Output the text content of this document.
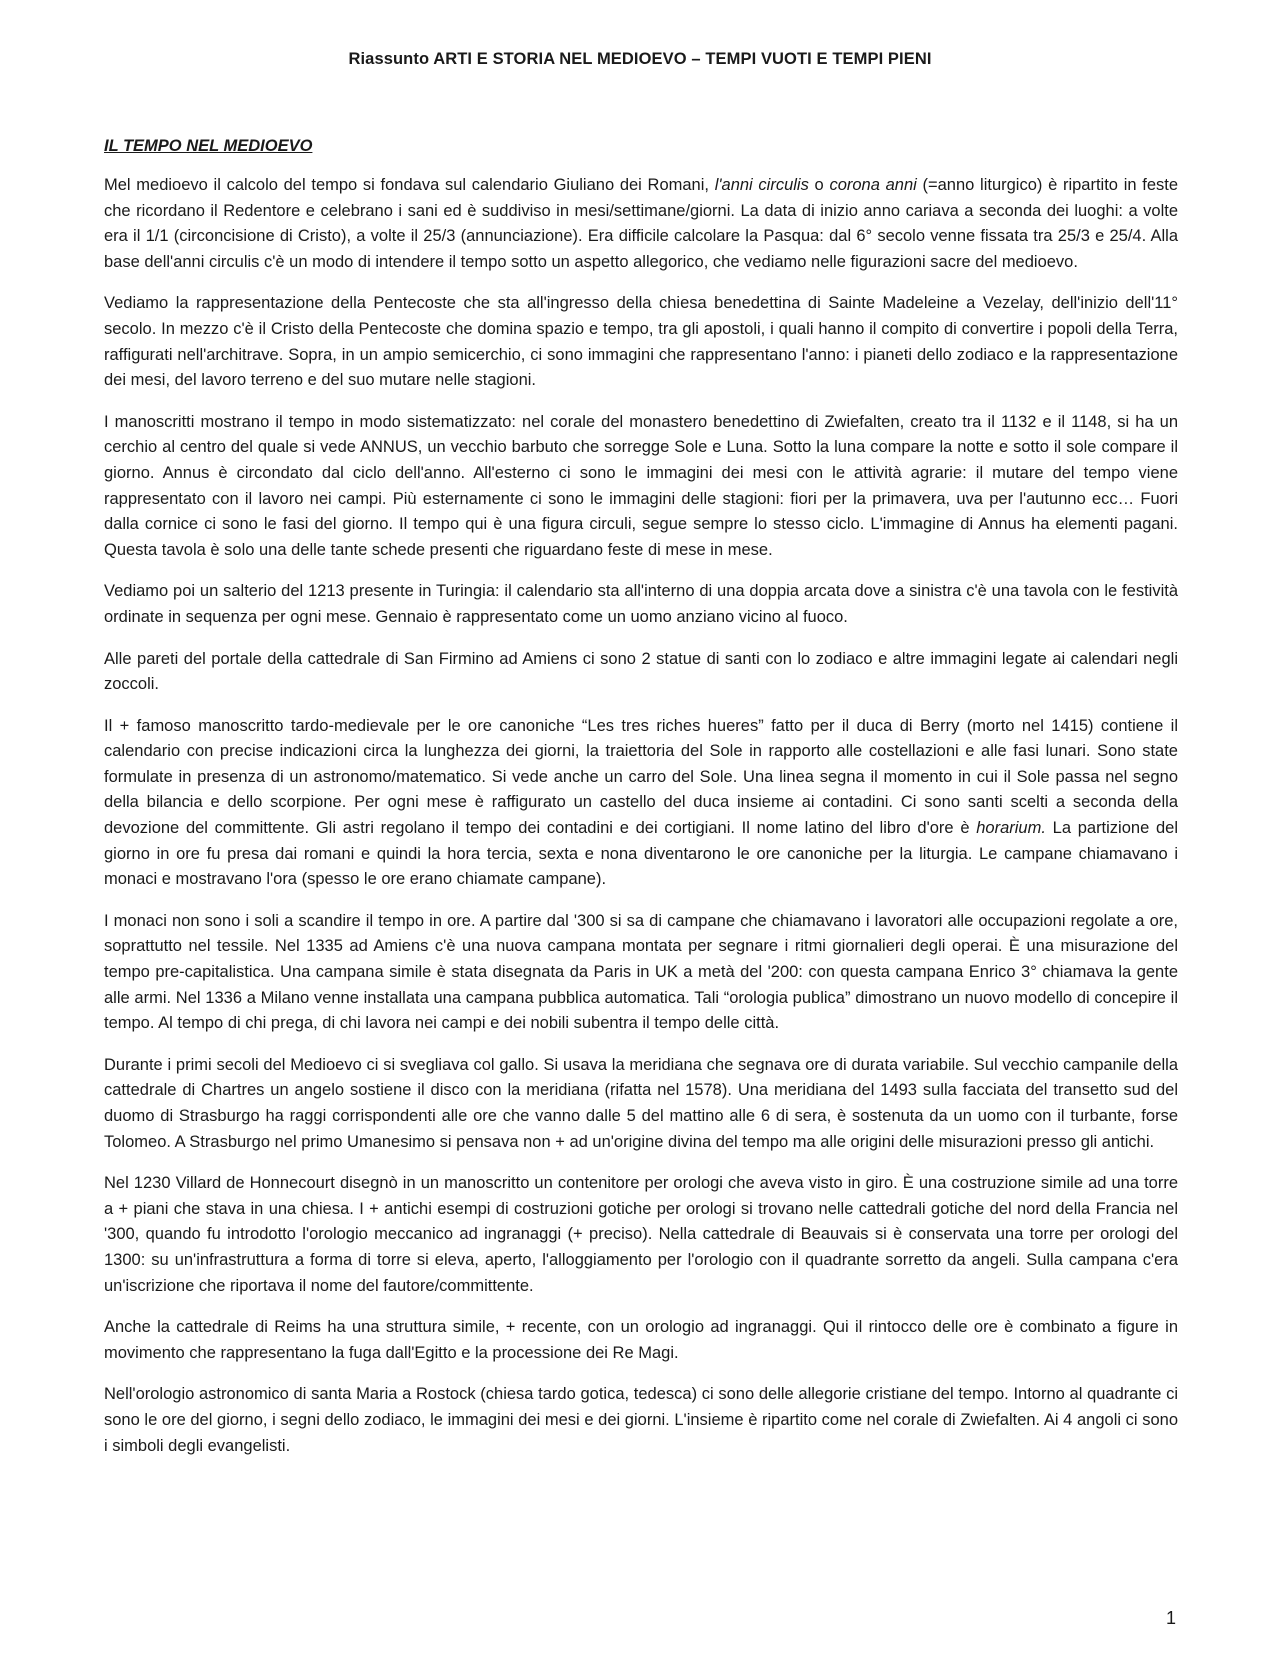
Riassunto ARTI E STORIA NEL MEDIOEVO – TEMPI VUOTI E TEMPI PIENI
IL TEMPO NEL MEDIOEVO

Mel medioevo il calcolo del tempo si fondava sul calendario Giuliano dei Romani, l'anni circulis o corona anni (=anno liturgico) è ripartito in feste che ricordano il Redentore e celebrano i sani ed è suddiviso in mesi/settimane/giorni. La data di inizio anno cariava a seconda dei luoghi: a volte era il 1/1 (circoncisione di Cristo), a volte il 25/3 (annunciazione). Era difficile calcolare la Pasqua: dal 6° secolo venne fissata tra 25/3 e 25/4. Alla base dell'anni circulis c'è un modo di intendere il tempo sotto un aspetto allegorico, che vediamo nelle figurazioni sacre del medioevo.

Vediamo la rappresentazione della Pentecoste che sta all'ingresso della chiesa benedettina di Sainte Madeleine a Vezelay, dell'inizio dell'11° secolo. In mezzo c'è il Cristo della Pentecoste che domina spazio e tempo, tra gli apostoli, i quali hanno il compito di convertire i popoli della Terra, raffigurati nell'architrave. Sopra, in un ampio semicerchio, ci sono immagini che rappresentano l'anno: i pianeti dello zodiaco e la rappresentazione dei mesi, del lavoro terreno e del suo mutare nelle stagioni.

I manoscritti mostrano il tempo in modo sistematizzato: nel corale del monastero benedettino di Zwiefalten, creato tra il 1132 e il 1148, si ha un cerchio al centro del quale si vede ANNUS, un vecchio barbuto che sorregge Sole e Luna. Sotto la luna compare la notte e sotto il sole compare il giorno. Annus è circondato dal ciclo dell'anno. All'esterno ci sono le immagini dei mesi con le attività agrarie: il mutare del tempo viene rappresentato con il lavoro nei campi. Più esternamente ci sono le immagini delle stagioni: fiori per la primavera, uva per l'autunno ecc… Fuori dalla cornice ci sono le fasi del giorno. Il tempo qui è una figura circuli, segue sempre lo stesso ciclo. L'immagine di Annus ha elementi pagani. Questa tavola è solo una delle tante schede presenti che riguardano feste di mese in mese.

Vediamo poi un salterio del 1213 presente in Turingia: il calendario sta all'interno di una doppia arcata dove a sinistra c'è una tavola con le festività ordinate in sequenza per ogni mese. Gennaio è rappresentato come un uomo anziano vicino al fuoco.

Alle pareti del portale della cattedrale di San Firmino ad Amiens ci sono 2 statue di santi con lo zodiaco e altre immagini legate ai calendari negli zoccoli.

Il + famoso manoscritto tardo-medievale per le ore canoniche “Les tres riches hueres” fatto per il duca di Berry (morto nel 1415) contiene il calendario con precise indicazioni circa la lunghezza dei giorni, la traiettoria del Sole in rapporto alle costellazioni e alle fasi lunari. Sono state formulate in presenza di un astronomo/matematico. Si vede anche un carro del Sole. Una linea segna il momento in cui il Sole passa nel segno della bilancia e dello scorpione. Per ogni mese è raffigurato un castello del duca insieme ai contadini. Ci sono santi scelti a seconda della devozione del committente. Gli astri regolano il tempo dei contadini e dei cortigiani. Il nome latino del libro d'ore è horarium. La partizione del giorno in ore fu presa dai romani e quindi la hora tercia, sexta e nona diventarono le ore canoniche per la liturgia. Le campane chiamavano i monaci e mostravano l'ora (spesso le ore erano chiamate campane).

I monaci non sono i soli a scandire il tempo in ore. A partire dal '300 si sa di campane che chiamavano i lavoratori alle occupazioni regolate a ore, soprattutto nel tessile. Nel 1335 ad Amiens c'è una nuova campana montata per segnare i ritmi giornalieri degli operai. È una misurazione del tempo pre-capitalistica. Una campana simile è stata disegnata da Paris in UK a metà del '200: con questa campana Enrico 3° chiamava la gente alle armi. Nel 1336 a Milano venne installata una campana pubblica automatica. Tali “orologia publica” dimostrano un nuovo modello di concepire il tempo. Al tempo di chi prega, di chi lavora nei campi e dei nobili subentra il tempo delle città.

Durante i primi secoli del Medioevo ci si svegliava col gallo. Si usava la meridiana che segnava ore di durata variabile. Sul vecchio campanile della cattedrale di Chartres un angelo sostiene il disco con la meridiana (rifatta nel 1578). Una meridiana del 1493 sulla facciata del transetto sud del duomo di Strasburgo ha raggi corrispondenti alle ore che vanno dalle 5 del mattino alle 6 di sera, è sostenuta da un uomo con il turbante, forse Tolomeo. A Strasburgo nel primo Umanesimo si pensava non + ad un'origine divina del tempo ma alle origini delle misurazioni presso gli antichi.

Nel 1230 Villard de Honnecourt disegnò in un manoscritto un contenitore per orologi che aveva visto in giro. È una costruzione simile ad una torre a + piani che stava in una chiesa. I + antichi esempi di costruzioni gotiche per orologi si trovano nelle cattedrali gotiche del nord della Francia nel '300, quando fu introdotto l'orologio meccanico ad ingranaggi (+ preciso). Nella cattedrale di Beauvais si è conservata una torre per orologi del 1300: su un'infrastruttura a forma di torre si eleva, aperto, l'alloggiamento per l'orologio con il quadrante sorretto da angeli. Sulla campana c'era un'iscrizione che riportava il nome del fautore/committente.

Anche la cattedrale di Reims ha una struttura simile, + recente, con un orologio ad ingranaggi. Qui il rintocco delle ore è combinato a figure in movimento che rappresentano la fuga dall'Egitto e la processione dei Re Magi.

Nell'orologio astronomico di santa Maria a Rostock (chiesa tardo gotica, tedesca) ci sono delle allegorie cristiane del tempo. Intorno al quadrante ci sono le ore del giorno, i segni dello zodiaco, le immagini dei mesi e dei giorni. L'insieme è ripartito come nel corale di Zwiefalten. Ai 4 angoli ci sono i simboli degli evangelisti.

1
